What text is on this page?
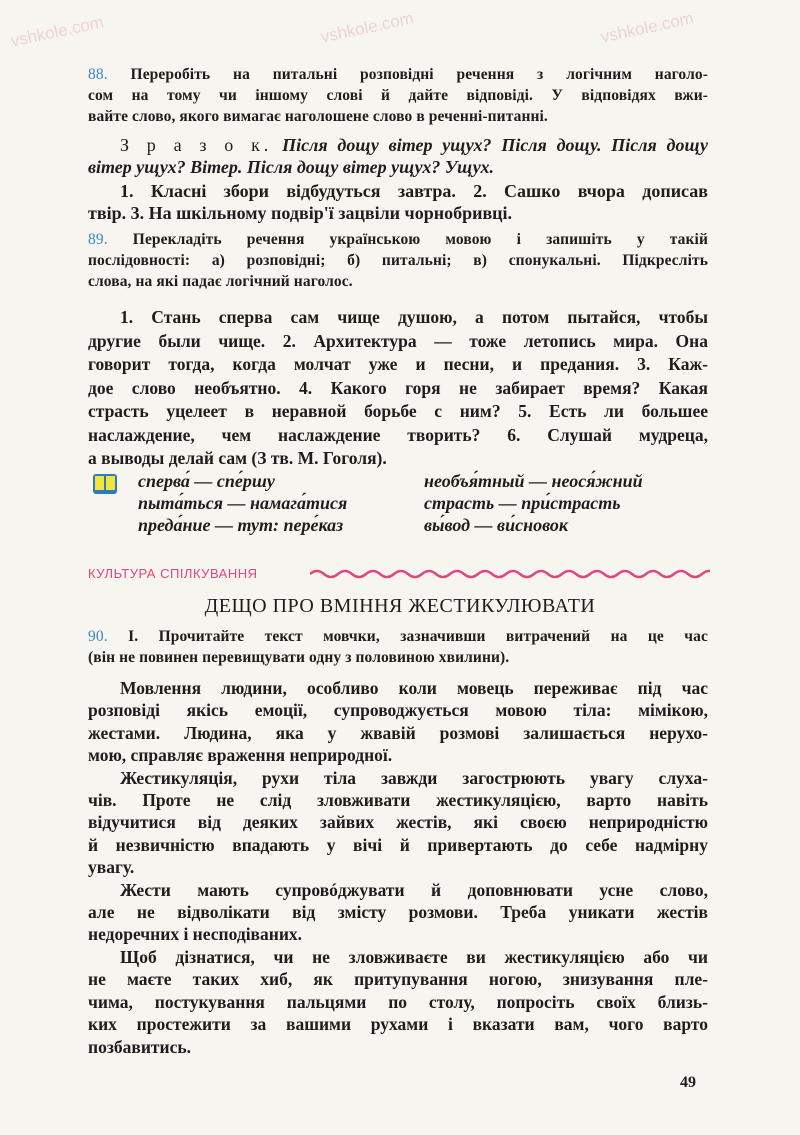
vshkole.com	vshkole.com	vshkole.com
88. Переробіть на питальні розповідні речення з логічним наголо-
сом на тому чи іншому слові й дайте відповіді. У відповідях вжи-
вайте слово, якого вимагає наголошене слово в реченні-питанні.
З р а з о к. Після дощу вітер ущух? Після дощу. Після дощу
вітер ущух? Вітер. Після дощу вітер ущух? Ущух.
1. Класні збори відбудуться завтра. 2. Сашко вчора дописав
твір. 3. На шкільному подвір'ї зацвіли чорнобривці.
89. Перекладіть речення українською мовою і запишіть у такій
послідовності: а) розповідні; б) питальні; в) спонукальні. Підкресліть
слова, на які падає логічний наголос.
1. Стань сперва сам чище душою, а потом пытайся, чтобы
другие были чище. 2. Архитектура — тоже летопись мира. Она
говорит тогда, когда молчат уже и песни, и предания. 3. Каж-
дое слово необъятно. 4. Какого горя не забирает время? Какая
страсть уцелеет в неравной борьбе с ним? 5. Есть ли большее
наслаждение, чем наслаждение творить? 6. Слушай мудреца,
а выводы делай сам (З тв. М. Гоголя).
сперва́ — спе́ршу
пыта́ться — намага́тися
преда́ние — тут: пере́каз
необъя́тный — неося́жний
страсть — при́страсть
вы́вод — ви́сновок
КУЛЬТУРА СПІЛКУВАННЯ
ДЕЩО ПРО ВМІННЯ ЖЕСТИКУЛЮВАТИ
90. І. Прочитайте текст мовчки, зазначивши витрачений на це час
(він не повинен перевищувати одну з половиною хвилини).
Мовлення людини, особливо коли мовець переживає під час
розповіді якісь емоції, супроводжується мовою тіла: мімікою,
жестами. Людина, яка у жвавій розмові залишається нерухо-
мою, справляє враження неприродної.
Жестикуляція, рухи тіла завжди загострюють увагу слуха-
чів. Проте не слід зловживати жестикуляцією, варто навіть
відучитися від деяких зайвих жестів, які своєю неприродністю
й незвичністю впадають у вічі й привертають до себе надмірну
увагу.
Жести мають супровóджувати й доповнювати усне слово,
але не відволікати від змісту розмови. Треба уникати жестів
недоречних і несподіваних.
Щоб дізнатися, чи не зловживаєте ви жестикуляцією або чи
не маєте таких хиб, як притупування ногою, знизування пле-
чима, постукування пальцями по столу, попросіть своїх близь-
ких простежити за вашими рухами і вказати вам, чого варто
позбавитись.
49
